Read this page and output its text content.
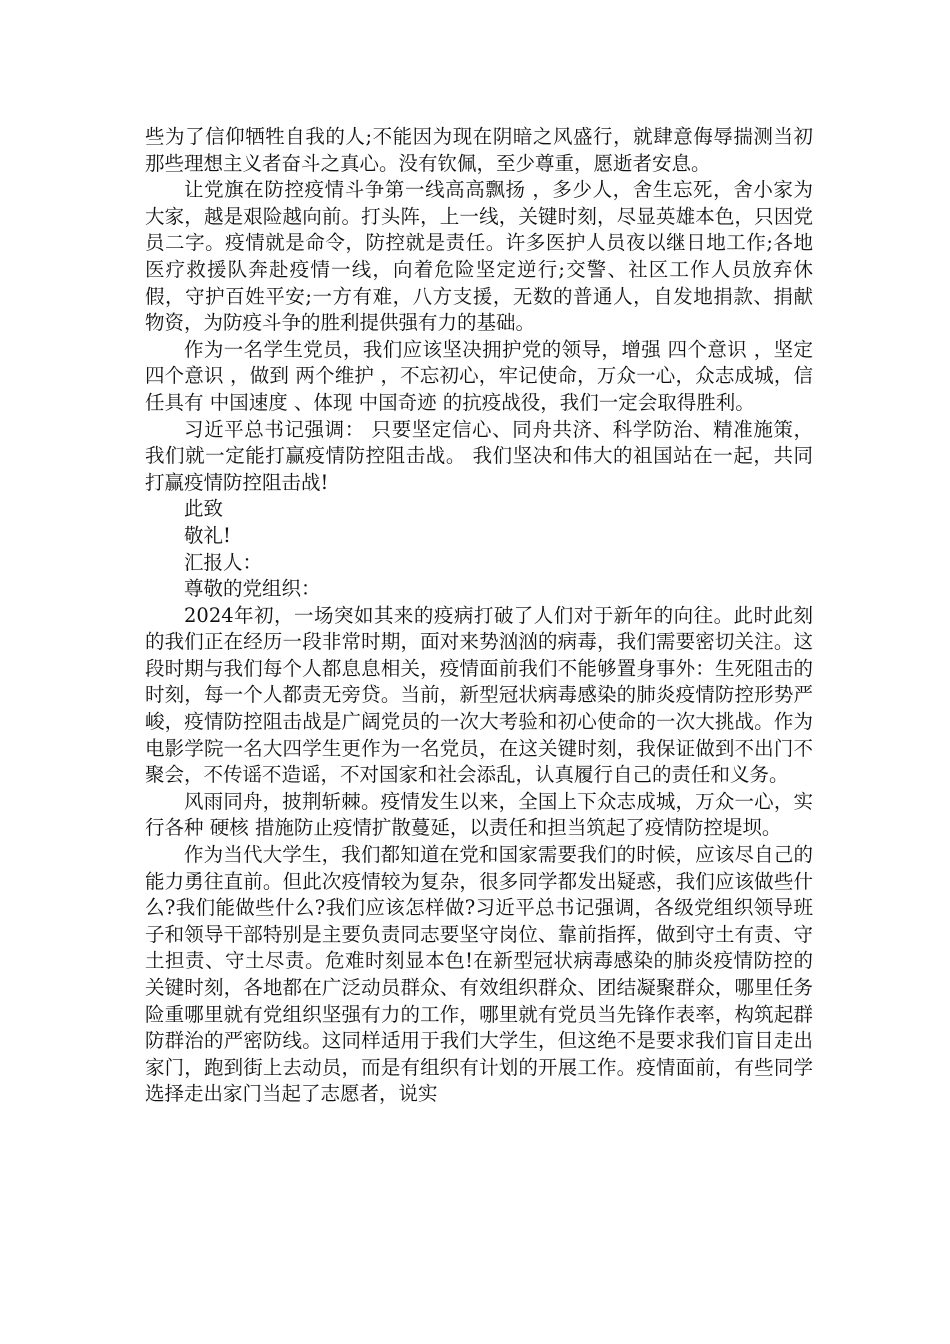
些为了信仰牺牲自我的人;不能因为现在阴暗之风盛行，就肆意侮辱揣测当初那些理想主义者奋斗之真心。没有钦佩，至少尊重，愿逝者安息。

让党旗在防控疫情斗争第一线高高飘扬 ，多少人，舍生忘死，舍小家为大家，越是艰险越向前。打头阵，上一线，关键时刻，尽显英雄本色，只因党员二字。疫情就是命令，防控就是责任。许多医护人员夜以继日地工作;各地医疗救援队奔赴疫情一线，向着危险坚定逆行;交警、社区工作人员放弃休假，守护百姓平安;一方有难，八方支援，无数的普通人，自发地捐款、捐献物资，为防疫斗争的胜利提供强有力的基础。

作为一名学生党员，我们应该坚决拥护党的领导，增强 四个意识 ，坚定 四个意识 ，做到 两个维护 ，不忘初心，牢记使命，万众一心，众志成城，信任具有 中国速度 、体现 中国奇迹 的抗疫战役，我们一定会取得胜利。

习近平总书记强调： 只要坚定信心、同舟共济、科学防治、精准施策，我们就一定能打赢疫情防控阻击战。 我们坚决和伟大的祖国站在一起，共同打赢疫情防控阻击战!

此致

敬礼!

汇报人：

尊敬的党组织：

2024年初，一场突如其来的疫病打破了人们对于新年的向往。此时此刻的我们正在经历一段非常时期，面对来势汹汹的病毒，我们需要密切关注。这段时期与我们每个人都息息相关，疫情面前我们不能够置身事外：生死阻击的时刻，每一个人都责无旁贷。当前，新型冠状病毒感染的肺炎疫情防控形势严峻，疫情防控阻击战是广阔党员的一次大考验和初心使命的一次大挑战。作为电影学院一名大四学生更作为一名党员，在这关键时刻，我保证做到不出门不聚会，不传谣不造谣，不对国家和社会添乱，认真履行自己的责任和义务。

风雨同舟，披荆斩棘。疫情发生以来，全国上下众志成城，万众一心，实行各种 硬核 措施防止疫情扩散蔓延，以责任和担当筑起了疫情防控堤坝。

作为当代大学生，我们都知道在党和国家需要我们的时候，应该尽自己的能力勇往直前。但此次疫情较为复杂，很多同学都发出疑惑，我们应该做些什么?我们能做些什么?我们应该怎样做?习近平总书记强调，各级党组织领导班子和领导干部特别是主要负责同志要坚守岗位、靠前指挥，做到守土有责、守土担责、守土尽责。危难时刻显本色!在新型冠状病毒感染的肺炎疫情防控的关键时刻，各地都在广泛动员群众、有效组织群众、团结凝聚群众，哪里任务险重哪里就有党组织坚强有力的工作，哪里就有党员当先锋作表率，构筑起群防群治的严密防线。这同样适用于我们大学生，但这绝不是要求我们盲目走出家门，跑到街上去动员，而是有组织有计划的开展工作。疫情面前，有些同学选择走出家门当起了志愿者，说实
